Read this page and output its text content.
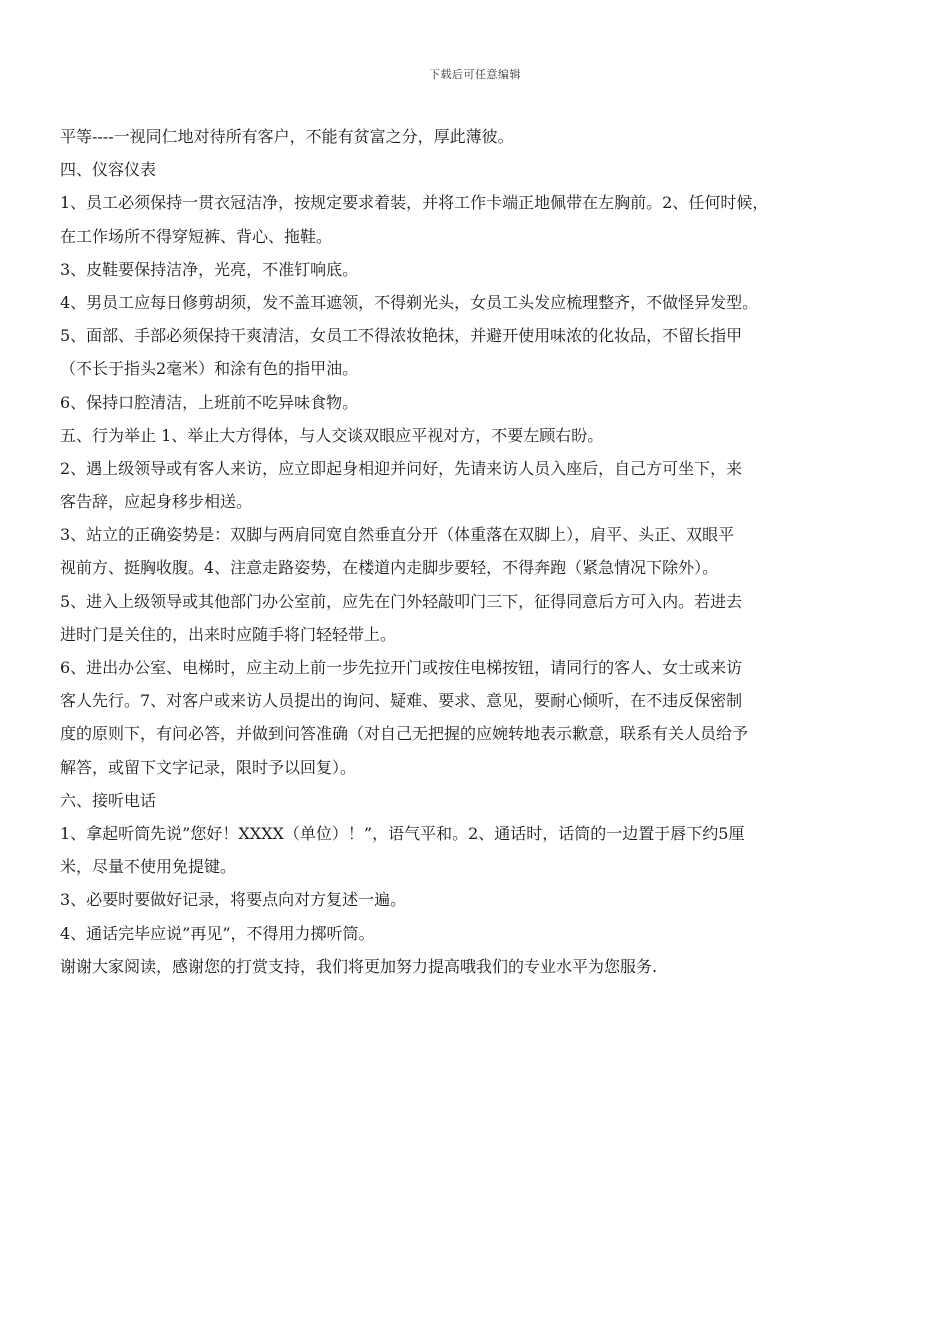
下载后可任意编辑
平等----一视同仁地对待所有客户，不能有贫富之分，厚此薄彼。
四、仪容仪表
1、员工必须保持一贯衣冠洁净，按规定要求着装，并将工作卡端正地佩带在左胸前。2、任何时候，
在工作场所不得穿短裤、背心、拖鞋。
3、皮鞋要保持洁净，光亮，不准钉响底。
4、男员工应每日修剪胡须，发不盖耳遮领，不得剃光头，女员工头发应梳理整齐，不做怪异发型。
5、面部、手部必须保持干爽清洁，女员工不得浓妆艳抹，并避开使用味浓的化妆品，不留长指甲
（不长于指头2毫米）和涂有色的指甲油。
6、保持口腔清洁，上班前不吃异味食物。
五、行为举止 1、举止大方得体，与人交谈双眼应平视对方，不要左顾右盼。
2、遇上级领导或有客人来访，应立即起身相迎并问好，先请来访人员入座后，自己方可坐下，来
客告辞，应起身移步相送。
3、站立的正确姿势是：双脚与两肩同宽自然垂直分开（体重落在双脚上），肩平、头正、双眼平
视前方、挺胸收腹。4、注意走路姿势，在楼道内走脚步要轻，不得奔跑（紧急情况下除外）。
5、进入上级领导或其他部门办公室前，应先在门外轻敲叩门三下，征得同意后方可入内。若进去
进时门是关住的，出来时应随手将门轻轻带上。
6、进出办公室、电梯时，应主动上前一步先拉开门或按住电梯按钮，请同行的客人、女士或来访
客人先行。7、对客户或来访人员提出的询问、疑难、要求、意见，要耐心倾听，在不违反保密制
度的原则下，有问必答，并做到问答准确（对自己无把握的应婉转地表示歉意，联系有关人员给予
解答，或留下文字记录，限时予以回复）。
六、接听电话
1、拿起听筒先说”您好！XXXX（单位）！”，语气平和。2、通话时，话筒的一边置于唇下约5厘
米，尽量不使用免提键。
3、必要时要做好记录，将要点向对方复述一遍。
4、通话完毕应说”再见”，不得用力掷听筒。
谢谢大家阅读，感谢您的打赏支持，我们将更加努力提高哦我们的专业水平为您服务.
